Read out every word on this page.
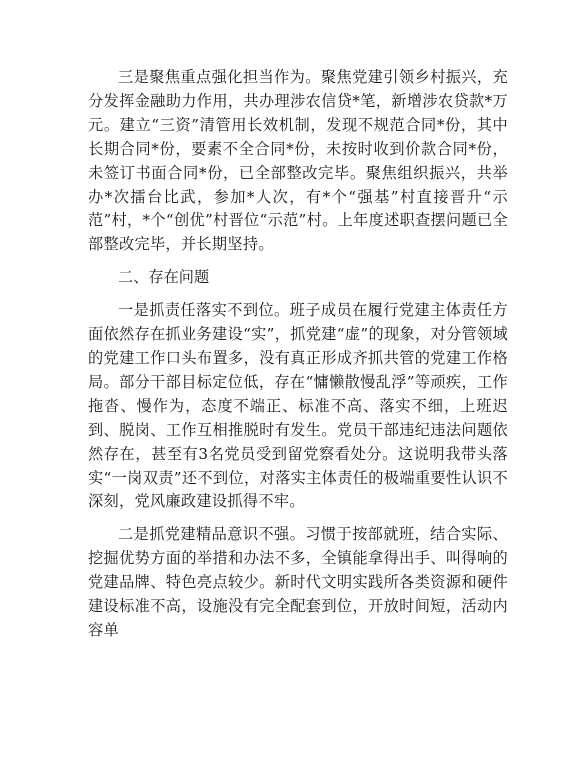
三是聚焦重点强化担当作为。聚焦党建引领乡村振兴，充分发挥金融助力作用，共办理涉农信贷*笔，新增涉农贷款*万元。建立“三资”清管用长效机制，发现不规范合同*份，其中长期合同*份，要素不全合同*份，未按时收到价款合同*份，未签订书面合同*份，已全部整改完毕。聚焦组织振兴，共举办*次擂台比武，参加*人次，有*个“强基”村直接晋升“示范”村，*个“创优”村晋位“示范”村。上年度述职查摆问题已全部整改完毕，并长期坚持。

二、存在问题

一是抓责任落实不到位。班子成员在履行党建主体责任方面依然存在抓业务建设“实”，抓党建“虚”的现象，对分管领域的党建工作口头布置多，没有真正形成齐抓共管的党建工作格局。部分干部目标定位低，存在“慵懒散慢乱浮”等顽疾，工作拖沓、慢作为，态度不端正、标准不高、落实不细，上班迟到、脱岗、工作互相推脱时有发生。党员干部违纪违法问题依然存在，甚至有3名党员受到留党察看处分。这说明我带头落实“一岗双责”还不到位，对落实主体责任的极端重要性认识不深刻，党风廉政建设抓得不牢。

二是抓党建精品意识不强。习惯于按部就班，结合实际、挖掘优势方面的举措和办法不多，全镇能拿得出手、叫得响的党建品牌、特色亮点较少。新时代文明实践所各类资源和硬件建设标准不高，设施没有完全配套到位，开放时间短，活动内容单
